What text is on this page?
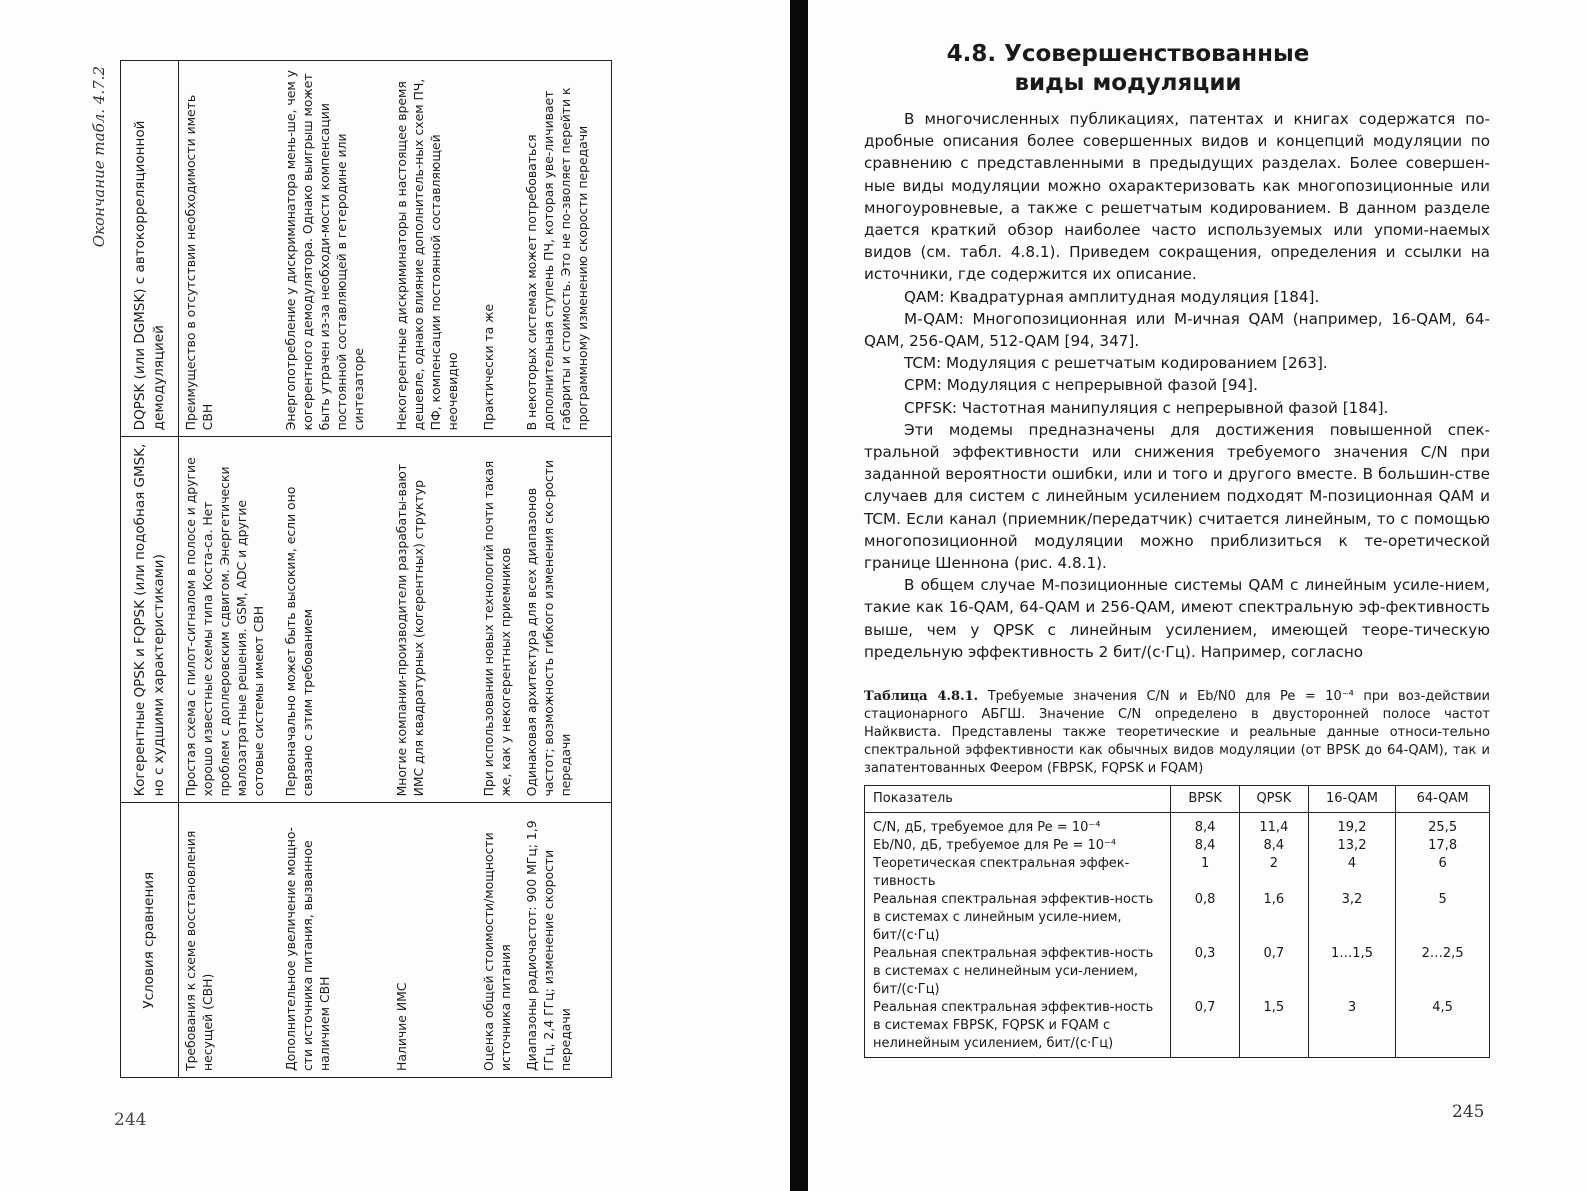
Окончание табл. 4.7.2
Условия сравнения	Когерентные QPSK и FQPSK (или подобная GMSK, но с худшими характеристиками)	DQPSK (или DGMSK) с автокорреляционной демодуляцией
Требования к схеме восстановления несущей (СВН)	Простая схема с пилот-сигналом в полосе и другие хорошо известные схемы типа Коста-са. Нет проблем с доплеровским сдвигом. Энергетически малозатратные решения. GSM, ADC и другие сотовые системы имеют СВН	Преимущество в отсутствии необходимости иметь СВН
Дополнительное увеличение мощно-сти источника питания, вызванное наличием СВН	Первоначально может быть высоким, если оно связано с этим требованием	Энергопотребление у дискриминатора мень-ше, чем у когерентного демодулятора. Однако выигрыш может быть утрачен из-за необходи-мости компенсации постоянной составляющей в гетеродине или синтезаторе
Наличие ИМС	Многие компании-производители разрабаты-вают ИМС для квадратурных (когерентных) структур	Некогерентные дискриминаторы в настоящее время дешевле, однако влияние дополнитель-ных схем ПЧ, ПФ, компенсации постоянной составляющей неочевидно
Оценка общей стоимости/мощности источника питания	При использовании новых технологий почти такая же, как у некогерентных приемников	Практически та же
Диапазоны радиочастот: 900 МГц; 1,9 ГГц, 2,4 ГГц; изменение скорости передачи	Одинаковая архитектура для всех диапазонов частот; возможность гибкого изменения ско-рости передачи	В некоторых системах может потребоваться дополнительная ступень ПЧ, которая уве-личивает габариты и стоимость. Это не по-зволяет перейти к программному изменению скорости передачи
244
4.8. Усовершенствованные виды модуляции

В многочисленных публикациях, патентах и книгах содержатся по-дробные описания более совершенных видов и концепций модуляции по сравнению с представленными в предыдущих разделах. Более совершен-ные виды модуляции можно охарактеризовать как многопозиционные или многоуровневые, а также с решетчатым кодированием. В данном разделе дается краткий обзор наиболее часто используемых или упоми-наемых видов (см. табл. 4.8.1). Приведем сокращения, определения и ссылки на источники, где содержится их описание.

QAM: Квадратурная амплитудная модуляция [184].

M-QAM: Многопозиционная или М-ичная QAM (например, 16-QAM, 64-QAM, 256-QAM, 512-QAM [94, 347].

TCM: Модуляция с решетчатым кодированием [263].

CPM: Модуляция с непрерывной фазой [94].

CPFSK: Частотная манипуляция с непрерывной фазой [184].

Эти модемы предназначены для достижения повышенной спек-тральной эффективности или снижения требуемого значения C/N при заданной вероятности ошибки, или и того и другого вместе. В большин-стве случаев для систем с линейным усилением подходят М-позиционная QAM и TCM. Если канал (приемник/передатчик) считается линейным, то с помощью многопозиционной модуляции можно приблизиться к те-оретической границе Шеннона (рис. 4.8.1).

В общем случае М-позиционные системы QAM с линейным усиле-нием, такие как 16-QAM, 64-QAM и 256-QAM, имеют спектральную эф-фективность выше, чем у QPSK с линейным усилением, имеющей теоре-тическую предельную эффективность 2 бит/(с·Гц). Например, согласно

Таблица 4.8.1. Требуемые значения C/N и Eb/N0 для Pe = 10⁻⁴ при воз-действии стационарного АБГШ. Значение C/N определено в двусторонней полосе частот Найквиста. Представлены также теоретические и реальные данные относи-тельно спектральной эффективности как обычных видов модуляции (от BPSK до 64-QAM), так и запатентованных Феером (FBPSK, FQPSK и FQAM)
Показатель	BPSK	QPSK	16-QAM	64-QAM
C/N, дБ, требуемое для Pe = 10⁻⁴	8,4	11,4	19,2	25,5
Eb/N0, дБ, требуемое для Pe = 10⁻⁴	8,4	8,4	13,2	17,8
Теоретическая спектральная эффек-тивность	1	2	4	6
Реальная спектральная эффектив-ность в системах с линейным усиле-нием, бит/(с·Гц)	0,8	1,6	3,2	5
Реальная спектральная эффектив-ность в системах с нелинейным уси-лением, бит/(с·Гц)	0,3	0,7	1…1,5	2…2,5
Реальная спектральная эффектив-ность в системах FBPSK, FQPSK и FQAM с нелинейным усилением, бит/(с·Гц)	0,7	1,5	3	4,5
245
